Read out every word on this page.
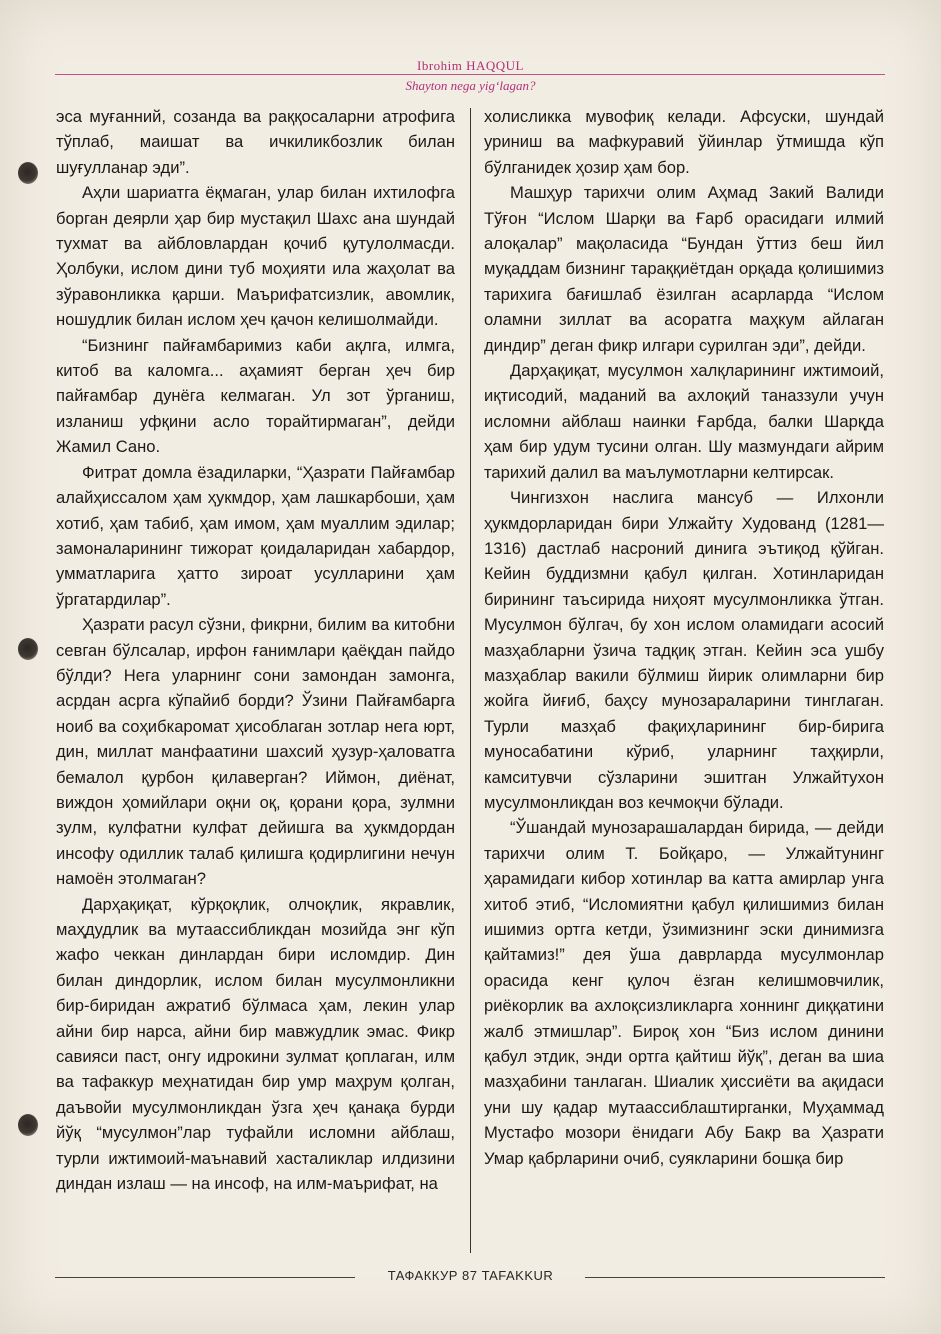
Ibrohim HAQQUL
Shayton nega yig‘lagan?

эса муғанний, созанда ва раққосаларни атрофига тўплаб, маишат ва ичкиликбозлик билан шуғулланар эди”.

Аҳли шариатга ёқмаган, улар билан ихтилофга борган деярли ҳар бир мустақил Шахс ана шундай тухмат ва айбловлардан қочиб қутулолмасди. Ҳолбуки, ислом дини туб моҳияти ила жаҳолат ва зўравонликка қарши. Маърифатсизлик, авомлик, ношудлик билан ислом ҳеч қачон келишолмайди.

“Бизнинг пайғамбаримиз каби ақлга, илмга, китоб ва каломга... аҳамият берган ҳеч бир пайғамбар дунёга келмаган. Ул зот ўрганиш, изланиш уфқини асло торайтирмаган”, дейди Жамил Сано.

Фитрат домла ёзадиларки, “Ҳазрати Пайғамбар алайҳиссалом ҳам ҳукмдор, ҳам лашкарбоши, ҳам хотиб, ҳам табиб, ҳам имом, ҳам муаллим эдилар; замоналарининг тижорат қоидаларидан хабардор, умматларига ҳатто зироат усулларини ҳам ўргатардилар”.

Ҳазрати расул сўзни, фикрни, билим ва китобни севган бўлсалар, ирфон ғанимлари қаёқдан пайдо бўлди? Нега уларнинг сони замондан замонга, асрдан асрга кўпайиб борди? Ўзини Пайғамбарга ноиб ва соҳибкаромат ҳисоблаган зотлар нега юрт, дин, миллат манфаатини шахсий ҳузур-ҳаловатга бемалол қурбон қилаверган? Иймон, диёнат, виждон ҳомийлари оқни оқ, қорани қора, зулмни зулм, кулфатни кулфат дейишга ва ҳукмдордан инсофу одиллик талаб қилишга қодирлигини нечун намоён этолмаган?

Дарҳақиқат, кўрқоқлик, олчоқлик, якравлик, маҳдудлик ва мутаассибликдан мозийда энг кўп жафо чеккан динлардан бири исломдир. Дин билан диндорлик, ислом билан мусулмонликни бир-биридан ажратиб бўлмаса ҳам, лекин улар айни бир нарса, айни бир мавжудлик эмас. Фикр савияси паст, онгу идрокини зулмат қоплаган, илм ва тафаккур меҳнатидан бир умр маҳрум қолган, даъвойи мусулмонликдан ўзга ҳеч қанақа бурди йўқ “мусулмон”лар туфайли исломни айблаш, турли ижтимоий-маънавий хасталиклар илдизини диндан излаш — на инсоф, на илм-маърифат, на

холисликка мувофиқ келади. Афсуски, шундай уриниш ва мафкуравий ўйинлар ўтмишда кўп бўлганидек ҳозир ҳам бор.

Машҳур тарихчи олим Аҳмад Закий Валиди Тўғон “Ислом Шарқи ва Ғарб орасидаги илмий алоқалар” мақоласида “Бундан ўттиз беш йил муқаддам бизнинг тараққиётдан орқада қолишимиз тарихига бағишлаб ёзилган асарларда “Ислом оламни зиллат ва асоратга маҳкум айлаган диндир” деган фикр илгари сурилган эди”, дейди.

Дарҳақиқат, мусулмон халқларининг ижтимоий, иқтисодий, маданий ва ахлоқий таназзули учун исломни айблаш наинки Ғарбда, балки Шарқда ҳам бир удум тусини олган. Шу мазмундаги айрим тарихий далил ва маълумотларни келтирсак.

Чингизхон наслига мансуб — Илхонли ҳукмдорларидан бири Улжайту Худованд (1281—1316) дастлаб насроний динига эътиқод қўйган. Кейин буддизмни қабул қилган. Хотинларидан бирининг таъсирида ниҳоят мусулмонликка ўтган. Мусулмон бўлгач, бу хон ислом оламидаги асосий мазҳабларни ўзича тадқиқ этган. Кейин эса ушбу мазҳаблар вакили бўлмиш йирик олимларни бир жойга йиғиб, баҳсу мунозараларини тинглаган. Турли мазҳаб фақиҳларининг бир-бирига муносабатини кўриб, уларнинг таҳқирли, камситувчи сўзларини эшитган Улжайтухон мусулмонликдан воз кечмоқчи бўлади.

“Ўшандай мунозарашалардан бирида, — дейди тарихчи олим Т. Бойқаро, — Улжайтунинг ҳарамидаги кибор хотинлар ва катта амирлар унга хитоб этиб, “Исломиятни қабул қилишимиз билан ишимиз ортга кетди, ўзимизнинг эски динимизга қайтамиз!” дея ўша даврларда мусулмонлар орасида кенг қулоч ёзган келишмовчилик, риёкорлик ва ахлоқсизликларга хоннинг диққатини жалб этмишлар”. Бироқ хон “Биз ислом динини қабул этдик, энди ортга қайтиш йўқ”, деган ва шиа мазҳабини танлаган. Шиалик ҳиссиёти ва ақидаси уни шу қадар мутаассиблаштирганки, Муҳаммад Мустафо мозори ёнидаги Абу Бакр ва Ҳазрати Умар қабрларини очиб, суякларини бошқа бир

ТАФАККУР 87 TAFAKKUR
